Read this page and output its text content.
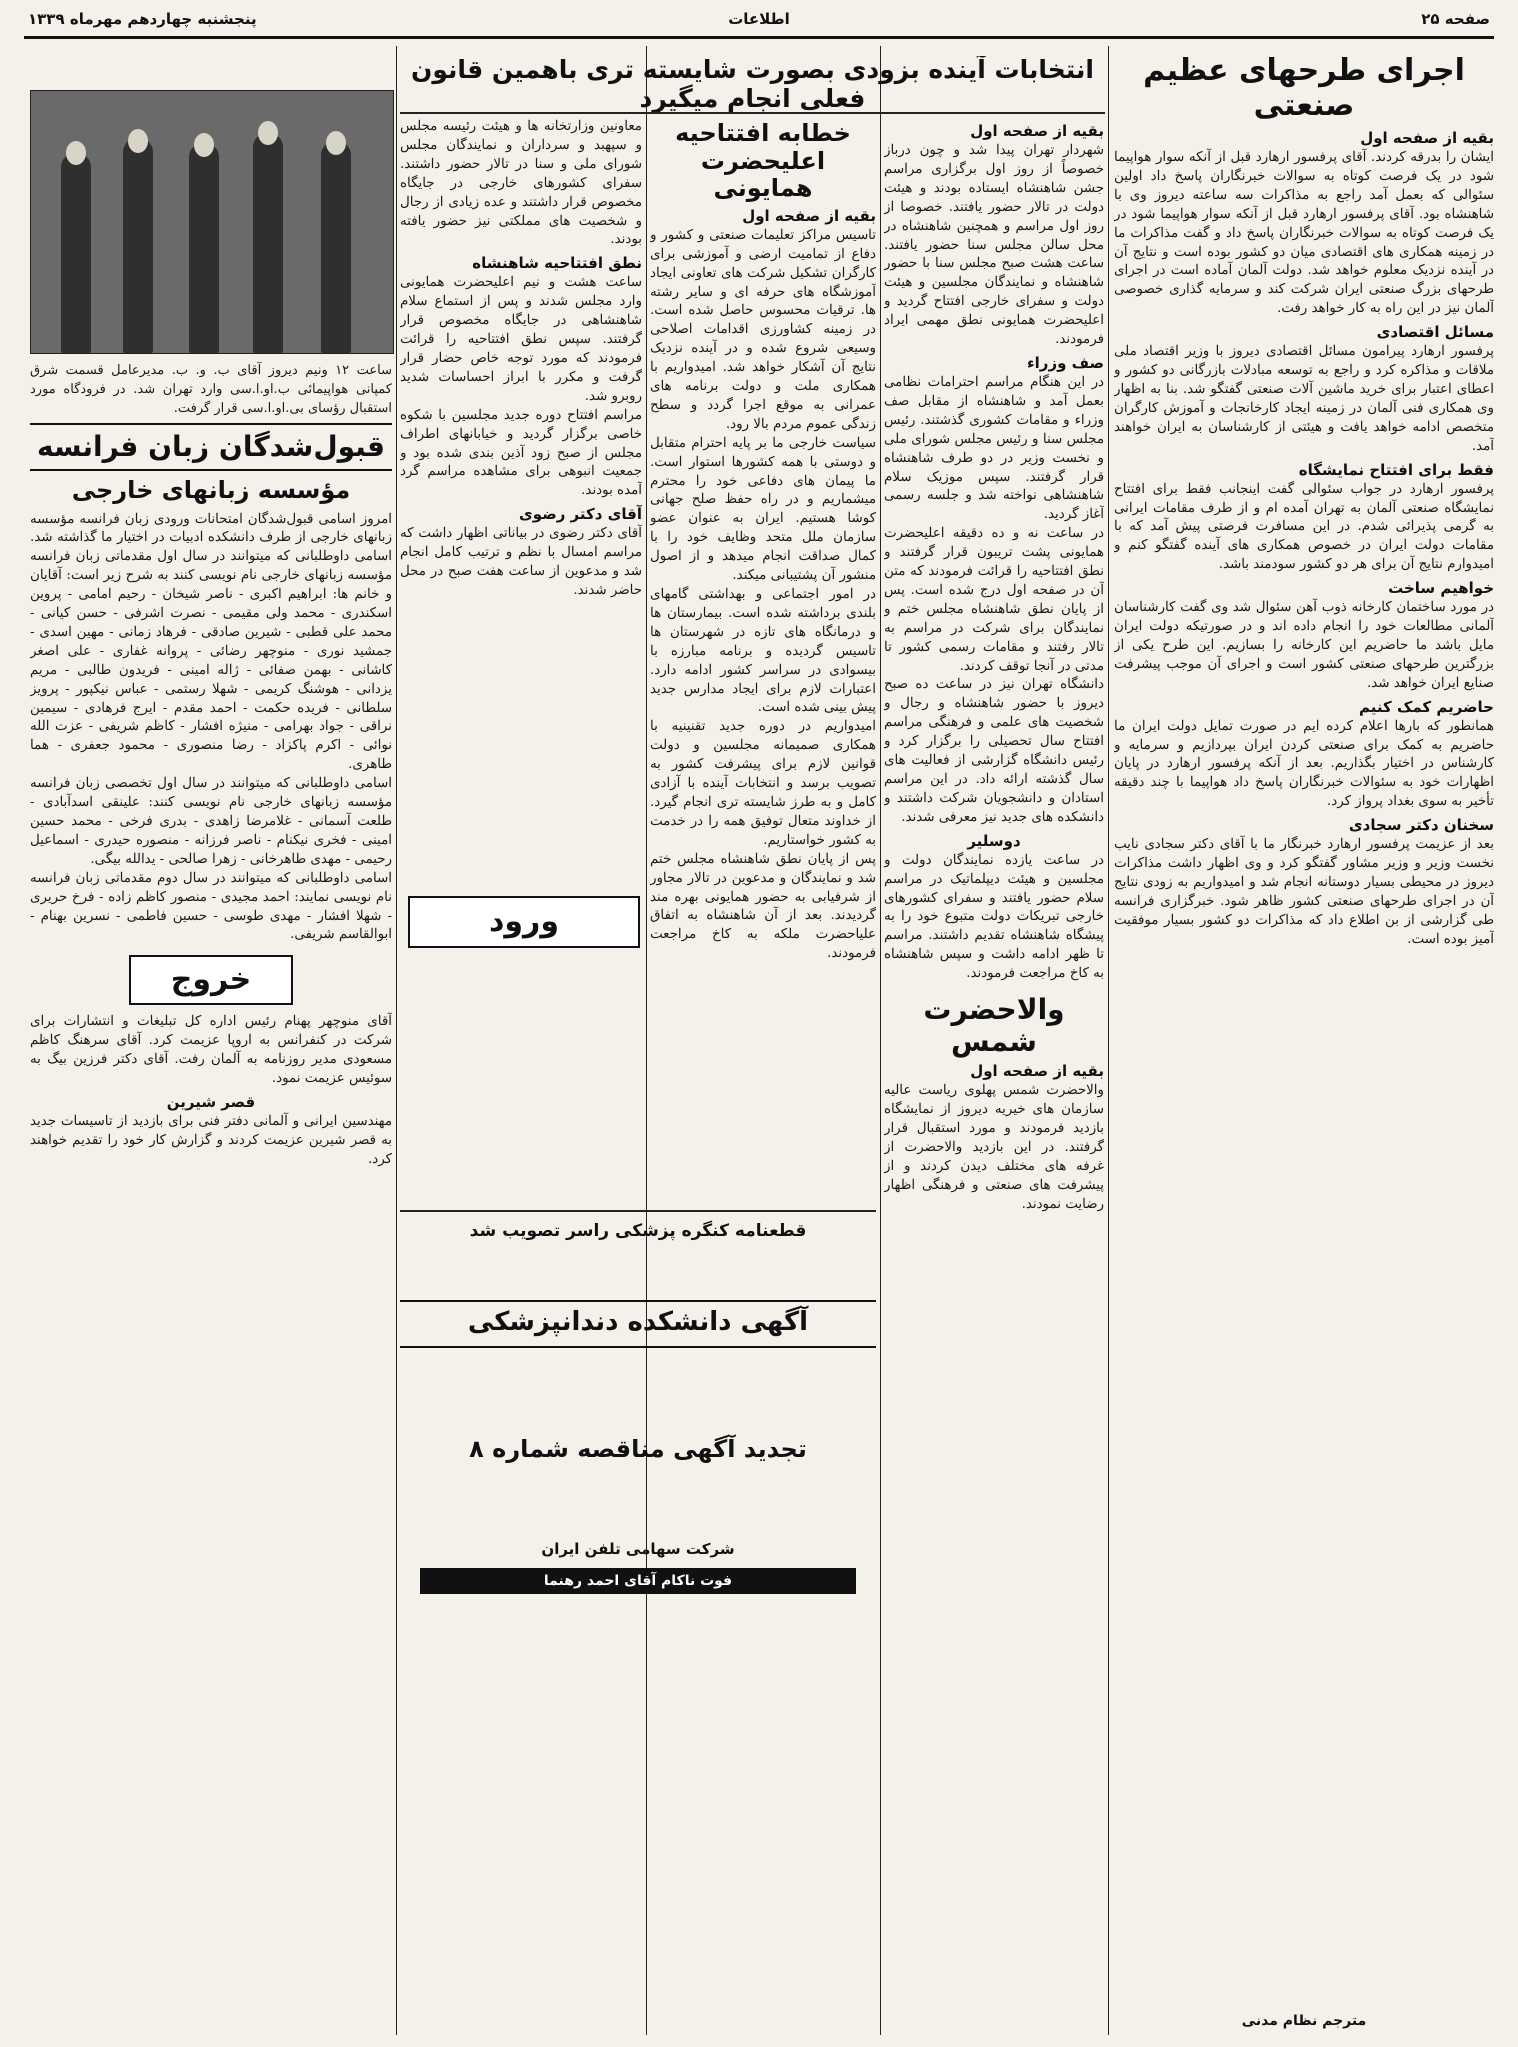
صفحه ۲۵
اطلاعات
پنجشنبه چهاردهم مهرماه ۱۳۳۹
اجرای طرحهای عظیم صنعتی
بقیه از صفحه اول

ایشان را بدرقه کردند. آقای پرفسور ارهارد قبل از آنکه سوار هواپیما شود در یک فرصت کوتاه به سوالات خبرنگاران پاسخ داد اولین سئوالی که بعمل آمد راجع به مذاکرات سه ساعته دیروز وی با شاهنشاه بود. آقای پرفسور ارهارد قبل از آنکه سوار هواپیما شود در یک فرصت کوتاه به سوالات خبرنگاران پاسخ داد و گفت مذاکرات ما در زمینه همکاری های اقتصادی میان دو کشور بوده است و نتایج آن در آینده نزدیک معلوم خواهد شد. دولت آلمان آماده است در اجرای طرحهای بزرگ صنعتی ایران شرکت کند و سرمایه گذاری خصوصی آلمان نیز در این راه به کار خواهد رفت.

مسائل اقتصادی

پرفسور ارهارد پیرامون مسائل اقتصادی دیروز با وزیر اقتصاد ملی ملاقات و مذاکره کرد و راجع به توسعه مبادلات بازرگانی دو کشور و اعطای اعتبار برای خرید ماشین آلات صنعتی گفتگو شد. بنا به اظهار وی همکاری فنی آلمان در زمینه ایجاد کارخانجات و آموزش کارگران متخصص ادامه خواهد یافت و هیئتی از کارشناسان به ایران خواهند آمد.

فقط برای افتتاح نمایشگاه

پرفسور ارهارد در جواب سئوالی گفت اینجانب فقط برای افتتاح نمایشگاه صنعتی آلمان به تهران آمده ام و از طرف مقامات ایرانی به گرمی پذیرائی شدم. در این مسافرت فرصتی پیش آمد که با مقامات دولت ایران در خصوص همکاری های آینده گفتگو کنم و امیدوارم نتایج آن برای هر دو کشور سودمند باشد.

خواهیم ساخت

در مورد ساختمان کارخانه ذوب آهن سئوال شد وی گفت کارشناسان آلمانی مطالعات خود را انجام داده اند و در صورتیکه دولت ایران مایل باشد ما حاضریم این کارخانه را بسازیم. این طرح یکی از بزرگترین طرحهای صنعتی کشور است و اجرای آن موجب پیشرفت صنایع ایران خواهد شد.

حاضریم کمک کنیم

همانطور که بارها اعلام کرده ایم در صورت تمایل دولت ایران ما حاضریم به کمک برای صنعتی کردن ایران بپردازیم و سرمایه و کارشناس در اختیار بگذاریم. بعد از آنکه پرفسور ارهارد در پایان اظهارات خود به سئوالات خبرنگاران پاسخ داد هواپیما با چند دقیقه تأخیر به سوی بغداد پرواز کرد.

سخنان دکتر سجادی

بعد از عزیمت پرفسور ارهارد خبرنگار ما با آقای دکتر سجادی نایب نخست وزیر و وزیر مشاور گفتگو کرد و وی اظهار داشت مذاکرات دیروز در محیطی بسیار دوستانه انجام شد و امیدواریم به زودی نتایج آن در اجرای طرحهای صنعتی کشور ظاهر شود. خبرگزاری فرانسه طی گزارشی از بن اطلاع داد که مذاکرات دو کشور بسیار موفقیت آمیز بوده است.

مترجم نظام مدنی
انتخابات آینده بزودی بصورت شایسته تری باهمین قانون فعلی انجام میگیرد
بقیه از صفحه اول

شهردار تهران پیدا شد و چون درباز خصوصاً از روز اول برگزاری مراسم جشن شاهنشاه ایستاده بودند و هیئت دولت در تالار حضور یافتند. خصوصا از روز اول مراسم و همچنین شاهنشاه در محل سالن مجلس سنا حضور یافتند. ساعت هشت صبح مجلس سنا با حضور شاهنشاه و نمایندگان مجلسین و هیئت دولت و سفرای خارجی افتتاح گردید و اعلیحضرت همایونی نطق مهمی ایراد فرمودند.

صف وزراء

در این هنگام مراسم احترامات نظامی بعمل آمد و شاهنشاه از مقابل صف وزراء و مقامات کشوری گذشتند. رئیس مجلس سنا و رئیس مجلس شورای ملی و نخست وزیر در دو طرف شاهنشاه قرار گرفتند. سپس موزیک سلام شاهنشاهی نواخته شد و جلسه رسمی آغاز گردید.

در ساعت نه و ده دقیقه اعلیحضرت همایونی پشت تریبون قرار گرفتند و نطق افتتاحیه را قرائت فرمودند که متن آن در صفحه اول درج شده است. پس از پایان نطق شاهنشاه مجلس ختم و نمایندگان برای شرکت در مراسم به تالار رفتند و مقامات رسمی کشور تا مدتی در آنجا توقف کردند.

دانشگاه تهران نیز در ساعت ده صبح دیروز با حضور شاهنشاه و رجال و شخصیت های علمی و فرهنگی مراسم افتتاح سال تحصیلی را برگزار کرد و رئیس دانشگاه گزارشی از فعالیت های سال گذشته ارائه داد. در این مراسم استادان و دانشجویان شرکت داشتند و دانشکده های جدید نیز معرفی شدند.

دوسلیر

در ساعت یازده نمایندگان دولت و مجلسین و هیئت دیپلماتیک در مراسم سلام حضور یافتند و سفرای کشورهای خارجی تبریکات دولت متبوع خود را به پیشگاه شاهنشاه تقدیم داشتند. مراسم تا ظهر ادامه داشت و سپس شاهنشاه به کاخ مراجعت فرمودند.

والاحضرت شمس
بقیه از صفحه اول

والاحضرت شمس پهلوی ریاست عالیه سازمان های خیریه دیروز از نمایشگاه بازدید فرمودند و مورد استقبال قرار گرفتند. در این بازدید والاحضرت از غرفه های مختلف دیدن کردند و از پیشرفت های صنعتی و فرهنگی اظهار رضایت نمودند.

خطابه افتتاحیه اعلیحضرت همایونی
بقیه از صفحه اول

تاسیس مراکز تعلیمات صنعتی و کشور و دفاع از تمامیت ارضی و آموزشی برای کارگران تشکیل شرکت های تعاونی ایجاد آموزشگاه های حرفه ای و سایر رشته ها. ترقیات محسوس حاصل شده است. در زمینه کشاورزی اقدامات اصلاحی وسیعی شروع شده و در آینده نزدیک نتایج آن آشکار خواهد شد. امیدواریم با همکاری ملت و دولت برنامه های عمرانی به موقع اجرا گردد و سطح زندگی عموم مردم بالا رود.

سیاست خارجی ما بر پایه احترام متقابل و دوستی با همه کشورها استوار است. ما پیمان های دفاعی خود را محترم میشماریم و در راه حفظ صلح جهانی کوشا هستیم. ایران به عنوان عضو سازمان ملل متحد وظایف خود را با کمال صداقت انجام میدهد و از اصول منشور آن پشتیبانی میکند.

در امور اجتماعی و بهداشتی گامهای بلندی برداشته شده است. بیمارستان ها و درمانگاه های تازه در شهرستان ها تاسیس گردیده و برنامه مبارزه با بیسوادی در سراسر کشور ادامه دارد. اعتبارات لازم برای ایجاد مدارس جدید پیش بینی شده است.

امیدواریم در دوره جدید تقنینیه با همکاری صمیمانه مجلسین و دولت قوانین لازم برای پیشرفت کشور به تصویب برسد و انتخابات آینده با آزادی کامل و به طرز شایسته تری انجام گیرد. از خداوند متعال توفیق همه را در خدمت به کشور خواستاریم.

پس از پایان نطق شاهنشاه مجلس ختم شد و نمایندگان و مدعوین در تالار مجاور از شرفیابی به حضور همایونی بهره مند گردیدند. بعد از آن شاهنشاه به اتفاق علیاحضرت ملکه به کاخ مراجعت فرمودند.

معاونین وزارتخانه ها و هیئت رئیسه مجلس و سپهبد و سرداران و نمایندگان مجلس شورای ملی و سنا در تالار حضور داشتند. سفرای کشورهای خارجی در جایگاه مخصوص قرار داشتند و عده زیادی از رجال و شخصیت های مملکتی نیز حضور یافته بودند.

نطق افتتاحیه شاهنشاه

ساعت هشت و نیم اعلیحضرت همایونی وارد مجلس شدند و پس از استماع سلام شاهنشاهی در جایگاه مخصوص قرار گرفتند. سپس نطق افتتاحیه را قرائت فرمودند که مورد توجه خاص حضار قرار گرفت و مکرر با ابراز احساسات شدید روبرو شد.

مراسم افتتاح دوره جدید مجلسین با شکوه خاصی برگزار گردید و خیابانهای اطراف مجلس از صبح زود آذین بندی شده بود و جمعیت انبوهی برای مشاهده مراسم گرد آمده بودند.

آقای دکتر رضوی

آقای دکتر رضوی در بیاناتی اظهار داشت که مراسم امسال با نظم و ترتیب کامل انجام شد و مدعوین از ساعت هفت صبح در محل حاضر شدند.

ورود
قطعنامه کنگره پزشکی راسر تصویب شد
آگهی دانشکده دندانپزشکی
تجدید آگهی مناقصه شماره ۸
شرکت سهامی تلفن ایران
فوت ناکام آقای احمد رهنما

ساعت ۱۲ ونیم دیروز آقای ب. و. ب. مدیرعامل قسمت شرق کمپانی هواپیمائی ب.او.ا.سی وارد تهران شد. در فرودگاه مورد استقبال رؤسای بی.او.ا.سی قرار گرفت.

قبول‌شدگان زبان فرانسه
مؤسسه زبانهای خارجی

امروز اسامی قبول‌شدگان امتحانات ورودی زبان فرانسه مؤسسه زبانهای خارجی از طرف دانشکده ادبیات در اختیار ما گذاشته شد. اسامی داوطلبانی که میتوانند در سال اول مقدماتی زبان فرانسه مؤسسه زبانهای خارجی نام نویسی کنند به شرح زیر است: آقایان و خانم ها: ابراهیم اکبری - ناصر شیخان - رحیم امامی - پروین اسکندری - محمد ولی مقیمی - نصرت اشرفی - حسن کیانی - محمد علی قطبی - شیرین صادقی - فرهاد زمانی - مهین اسدی - جمشید نوری - منوچهر رضائی - پروانه غفاری - علی اصغر کاشانی - بهمن صفائی - ژاله امینی - فریدون طالبی - مریم یزدانی - هوشنگ کریمی - شهلا رستمی - عباس نیکپور - پرویز سلطانی - فریده حکمت - احمد مقدم - ایرج فرهادی - سیمین نراقی - جواد بهرامی - منیژه افشار - کاظم شریفی - عزت الله نوائی - اکرم پاکزاد - رضا منصوری - محمود جعفری - هما طاهری.

اسامی داوطلبانی که میتوانند در سال اول تخصصی زبان فرانسه مؤسسه زبانهای خارجی نام نویسی کنند: علینقی اسدآبادی - طلعت آسمانی - غلامرضا زاهدی - بدری فرخی - محمد حسین امینی - فخری نیکنام - ناصر فرزانه - منصوره حیدری - اسماعیل رحیمی - مهدی طاهرخانی - زهرا صالحی - یدالله بیگی.

اسامی داوطلبانی که میتوانند در سال دوم مقدماتی زبان فرانسه نام نویسی نمایند: احمد مجیدی - منصور کاظم زاده - فرخ حریری - شهلا افشار - مهدی طوسی - حسین فاطمی - نسرین بهنام - ابوالقاسم شریفی.

خروج

آقای منوچهر پهنام رئیس اداره کل تبلیغات و انتشارات برای شرکت در کنفرانس به اروپا عزیمت کرد. آقای سرهنگ کاظم مسعودی مدیر روزنامه به آلمان رفت. آقای دکتر فرزین بیگ به سوئیس عزیمت نمود.

قصر شيرين

مهندسین ایرانی و آلمانی دفتر فنی برای بازدید از تاسیسات جدید به قصر شیرین عزیمت کردند و گزارش کار خود را تقدیم خواهند کرد.
